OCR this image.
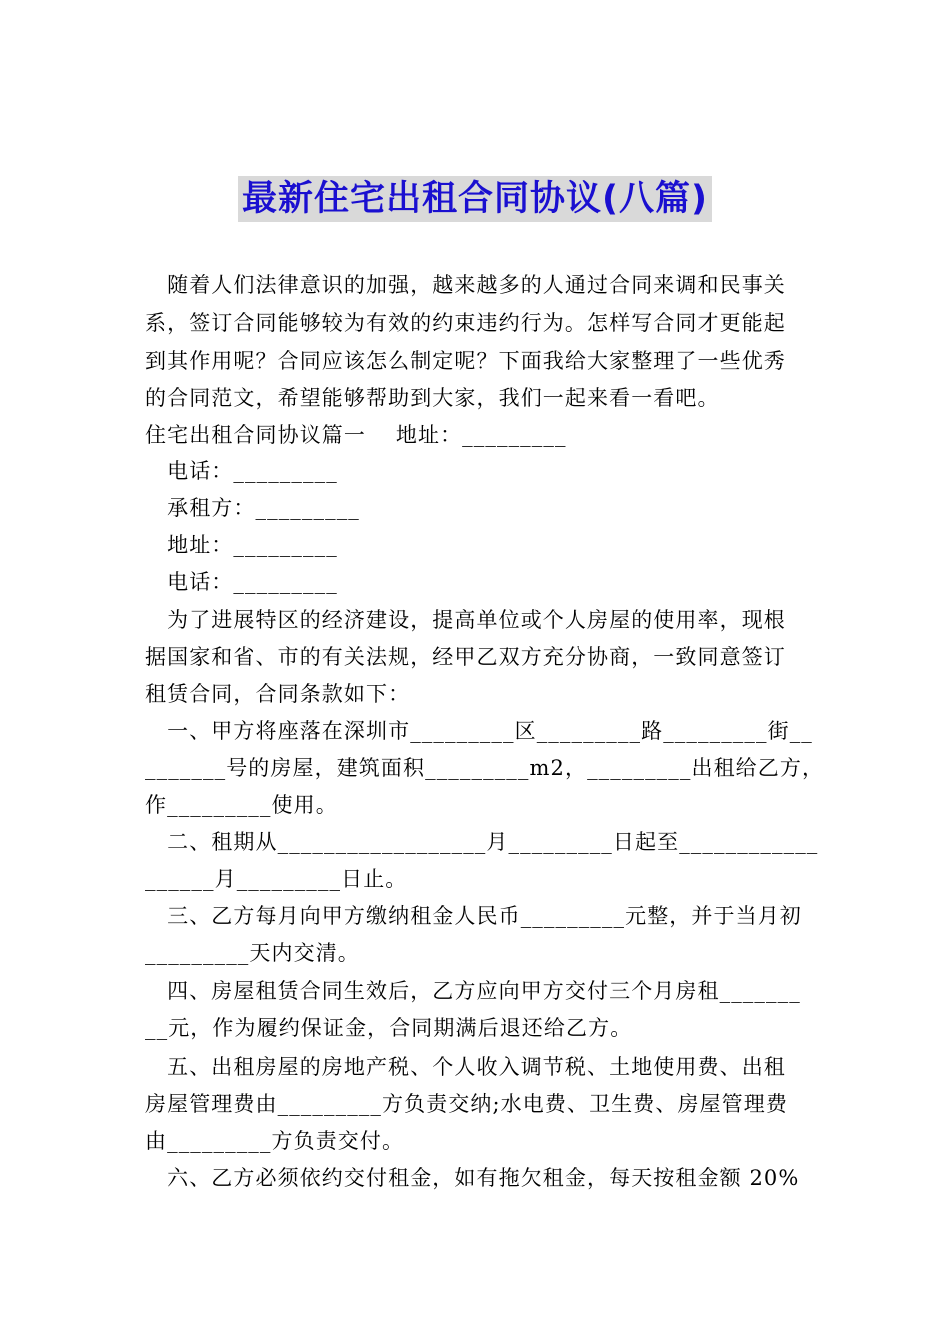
最新住宅出租合同协议(八篇)
　随着人们法律意识的加强，越来越多的人通过合同来调和民事关
系，签订合同能够较为有效的约束违约行为。怎样写合同才更能起
到其作用呢？合同应该怎么制定呢？下面我给大家整理了一些优秀
的合同范文，希望能够帮助到大家，我们一起来看一看吧。
住宅出租合同协议篇一　 地址：_________
　电话：_________
　承租方：_________
　地址：_________
　电话：_________
　为了进展特区的经济建设，提高单位或个人房屋的使用率，现根
据国家和省、市的有关法规，经甲乙双方充分协商，一致同意签订
租赁合同，合同条款如下：
　一、甲方将座落在深圳市_________区_________路_________街__
_______号的房屋，建筑面积_________m2，_________出租给乙方，
作_________使用。
　二、租期从__________________月_________日起至____________
______月_________日止。
　三、乙方每月向甲方缴纳租金人民币_________元整，并于当月初
_________天内交清。
　四、房屋租赁合同生效后，乙方应向甲方交付三个月房租_______
__元，作为履约保证金，合同期满后退还给乙方。
　五、出租房屋的房地产税、个人收入调节税、土地使用费、出租
房屋管理费由_________方负责交纳;水电费、卫生费、房屋管理费
由_________方负责交付。
　六、乙方必须依约交付租金，如有拖欠租金，每天按租金额 20%
